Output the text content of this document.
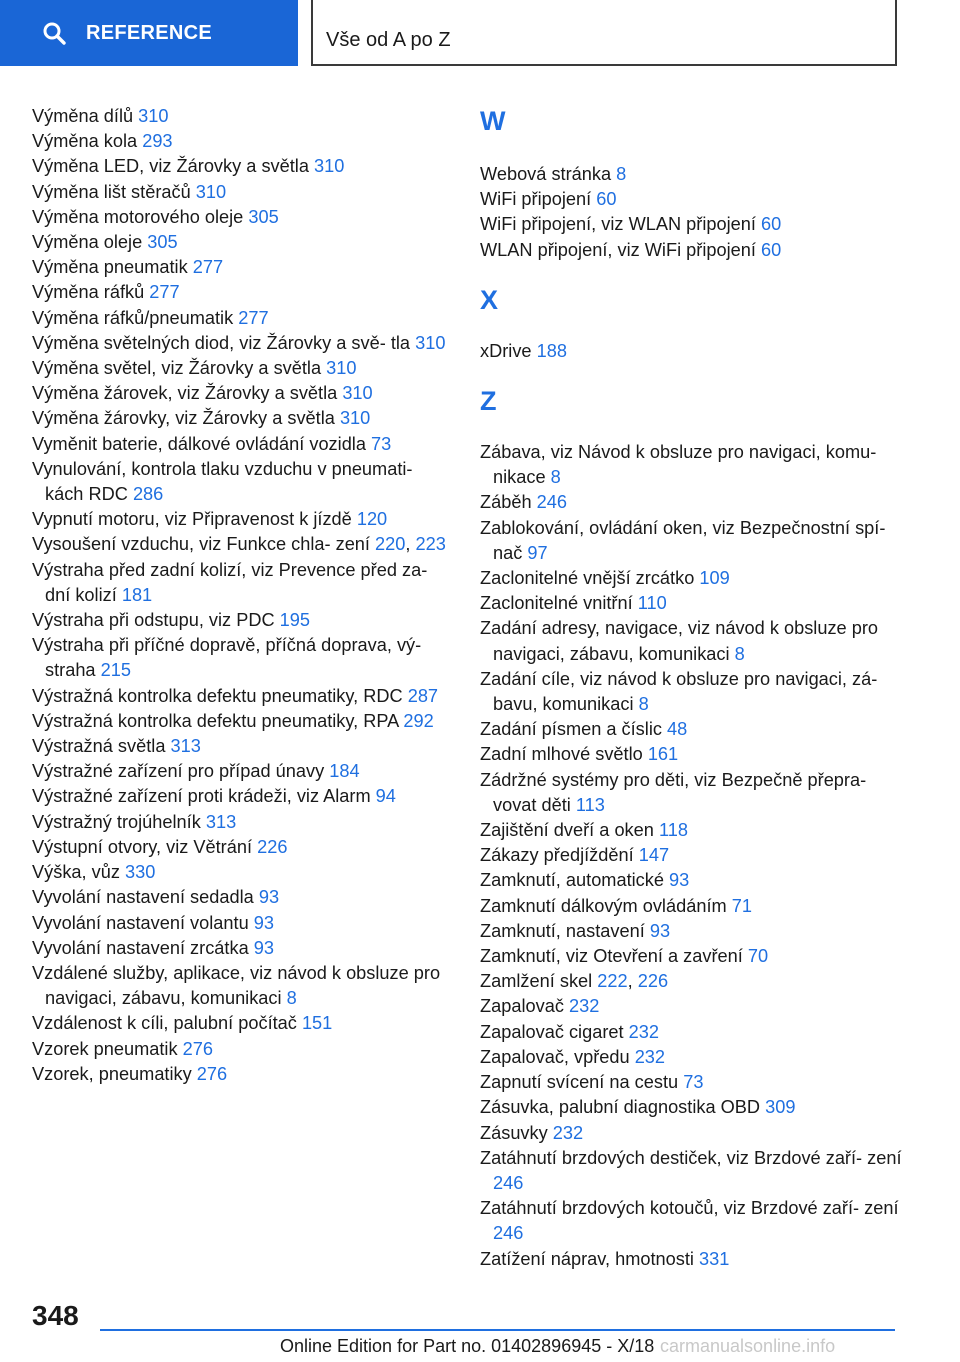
REFERENCE	Vše od A po Z
Výměna dílů 310
Výměna kola 293
Výměna LED, viz Žárovky a světla 310
Výměna lišt stěračů 310
Výměna motorového oleje 305
Výměna oleje 305
Výměna pneumatik 277
Výměna ráfků 277
Výměna ráfků/pneumatik 277
Výměna světelných diod, viz Žárovky a svě‐ tla 310
Výměna světel, viz Žárovky a světla 310
Výměna žárovek, viz Žárovky a světla 310
Výměna žárovky, viz Žárovky a světla 310
Vyměnit baterie, dálkové ovládání vozidla 73
Vynulování, kontrola tlaku vzduchu v pneumati‐ kách RDC 286
Vypnutí motoru, viz Připravenost k jízdě 120
Vysoušení vzduchu, viz Funkce chla‐ zení 220, 223
Výstraha před zadní kolizí, viz Prevence před za‐ dní kolizí 181
Výstraha při odstupu, viz PDC 195
Výstraha při příčné dopravě, příčná doprava, vý‐ straha 215
Výstražná kontrolka defektu pneumatiky, RDC 287
Výstražná kontrolka defektu pneumatiky, RPA 292
Výstražná světla 313
Výstražné zařízení pro případ únavy 184
Výstražné zařízení proti krádeži, viz Alarm 94
Výstražný trojúhelník 313
Výstupní otvory, viz Větrání 226
Výška, vůz 330
Vyvolání nastavení sedadla 93
Vyvolání nastavení volantu 93
Vyvolání nastavení zrcátka 93
Vzdálené služby, aplikace, viz návod k obsluze pro navigaci, zábavu, komunikaci 8
Vzdálenost k cíli, palubní počítač 151
Vzorek pneumatik 276
Vzorek, pneumatiky 276
W
Webová stránka 8
WiFi připojení 60
WiFi připojení, viz WLAN připojení 60
WLAN připojení, viz WiFi připojení 60
X
xDrive 188
Z
Zábava, viz Návod k obsluze pro navigaci, komu‐ nikace 8
Záběh 246
Zablokování, ovládání oken, viz Bezpečnostní spí‐ nač 97
Zaclonitelné vnější zrcátko 109
Zaclonitelné vnitřní 110
Zadání adresy, navigace, viz návod k obsluze pro navigaci, zábavu, komunikaci 8
Zadání cíle, viz návod k obsluze pro navigaci, zá‐ bavu, komunikaci 8
Zadání písmen a číslic 48
Zadní mlhové světlo 161
Zádržné systémy pro děti, viz Bezpečně přepra‐ vovat děti 113
Zajištění dveří a oken 118
Zákazy předjíždění 147
Zamknutí, automatické 93
Zamknutí dálkovým ovládáním 71
Zamknutí, nastavení 93
Zamknutí, viz Otevření a zavření 70
Zamlžení skel 222, 226
Zapalovač 232
Zapalovač cigaret 232
Zapalovač, vpředu 232
Zapnutí svícení na cestu 73
Zásuvka, palubní diagnostika OBD 309
Zásuvky 232
Zatáhnutí brzdových destiček, viz Brzdové zaří‐ zení 246
Zatáhnutí brzdových kotoučů, viz Brzdové zaří‐ zení 246
Zatížení náprav, hmotnosti 331
348
Online Edition for Part no. 01402896945 - X/18 carmanualsonline.info
